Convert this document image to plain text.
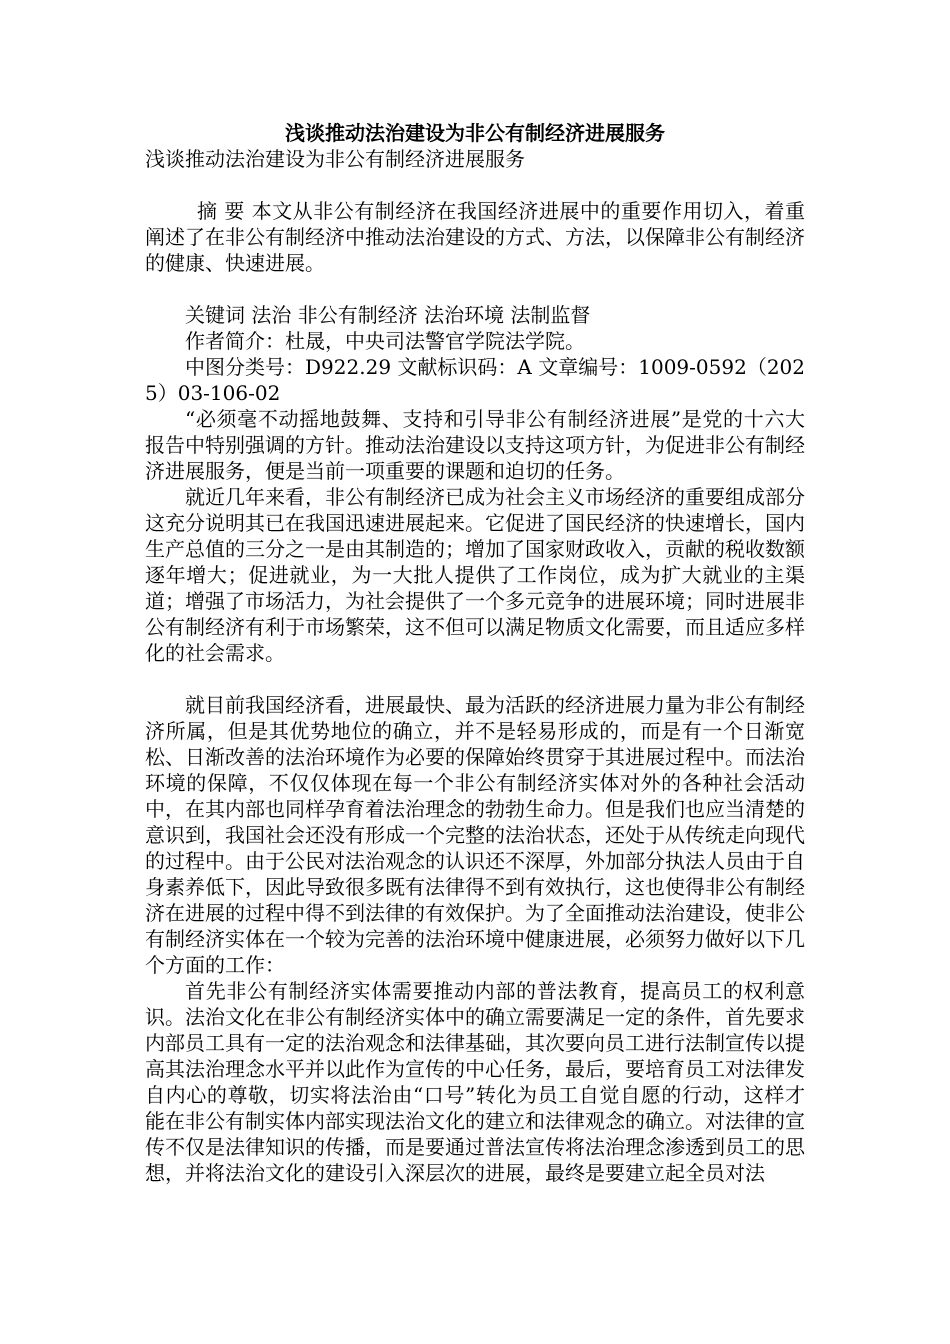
浅谈推动法治建设为非公有制经济进展服务
浅谈推动法治建设为非公有制经济进展服务

摘 要 本文从非公有制经济在我国经济进展中的重要作用切入，着重阐述了在非公有制经济中推动法治建设的方式、方法，以保障非公有制经济的健康、快速进展。

关键词 法治 非公有制经济 法治环境 法制监督

作者简介：杜晟，中央司法警官学院法学院。

中图分类号：D922.29 文献标识码：A 文章编号：1009-0592（2025）03-106-02

“必须毫不动摇地鼓舞、支持和引导非公有制经济进展”是党的十六大报告中特别强调的方针。推动法治建设以支持这项方针，为促进非公有制经济进展服务，便是当前一项重要的课题和迫切的任务。

就近几年来看，非公有制经济已成为社会主义市场经济的重要组成部分这充分说明其已在我国迅速进展起来。它促进了国民经济的快速增长，国内生产总值的三分之一是由其制造的；增加了国家财政收入，贡献的税收数额逐年增大；促进就业，为一大批人提供了工作岗位，成为扩大就业的主渠道；增强了市场活力，为社会提供了一个多元竞争的进展环境；同时进展非公有制经济有利于市场繁荣，这不但可以满足物质文化需要，而且适应多样化的社会需求。

就目前我国经济看，进展最快、最为活跃的经济进展力量为非公有制经济所属，但是其优势地位的确立，并不是轻易形成的，而是有一个日渐宽松、日渐改善的法治环境作为必要的保障始终贯穿于其进展过程中。而法治环境的保障，不仅仅体现在每一个非公有制经济实体对外的各种社会活动中，在其内部也同样孕育着法治理念的勃勃生命力。但是我们也应当清楚的意识到，我国社会还没有形成一个完整的法治状态，还处于从传统走向现代的过程中。由于公民对法治观念的认识还不深厚，外加部分执法人员由于自身素养低下，因此导致很多既有法律得不到有效执行，这也使得非公有制经济在进展的过程中得不到法律的有效保护。为了全面推动法治建设，使非公有制经济实体在一个较为完善的法治环境中健康进展，必须努力做好以下几个方面的工作：

首先非公有制经济实体需要推动内部的普法教育，提高员工的权利意识。法治文化在非公有制经济实体中的确立需要满足一定的条件，首先要求内部员工具有一定的法治观念和法律基础，其次要向员工进行法制宣传以提高其法治理念水平并以此作为宣传的中心任务，最后，要培育员工对法律发自内心的尊敬，切实将法治由“口号”转化为员工自觉自愿的行动，这样才能在非公有制实体内部实现法治文化的建立和法律观念的确立。对法律的宣传不仅是法律知识的传播，而是要通过普法宣传将法治理念渗透到员工的思想，并将法治文化的建设引入深层次的进展，最终是要建立起全员对法
